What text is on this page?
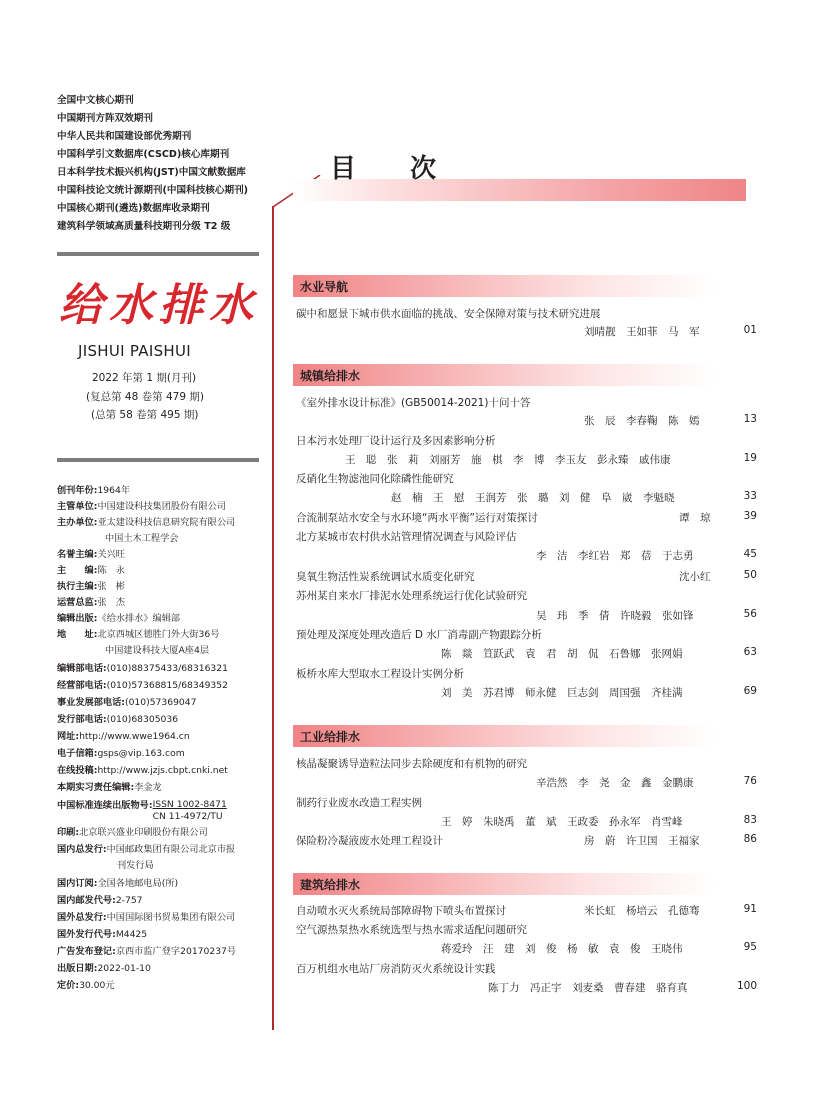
全国中文核心期刊
中国期刊方阵双效期刊
中华人民共和国建设部优秀期刊
中国科学引文数据库(CSCD)核心库期刊
日本科学技术振兴机构(JST)中国文献数据库
中国科技论文统计源期刊(中国科技核心期刊)
中国核心期刊(遴选)数据库收录期刊
建筑科学领域高质量科技期刊分级 T2 级
给水排水
JISHUI PAISHUI
2022 年第 1 期(月刊)
(复总第 48 卷第 479 期)
(总第 58 卷第 495 期)
创刊年份:1964年
主管单位:中国建设科技集团股份有限公司
主办单位:亚太建设科技信息研究院有限公司
中国土木工程学会
名誉主编:关兴旺
主　　编:陈　永
执行主编:张　彬
运营总监:张　杰
编辑出版:《给水排水》编辑部
地　　址:北京西城区德胜门外大街36号
中国建设科技大厦A座4层
编辑部电话:(010)88375433/68316321
经营部电话:(010)57368815/68349352
事业发展部电话:(010)57369047
发行部电话:(010)68305036
网址:http://www.wwe1964.cn
电子信箱:gsps@vip.163.com
在线投稿:http://www.jzjs.cbpt.cnki.net
本期实习责任编辑:李金龙
中国标准连续出版物号:ISSN 1002-8471
CN 11-4972/TU
印刷:北京联兴盛业印刷股份有限公司
国内总发行:中国邮政集团有限公司北京市报
刊发行局
国内订阅:全国各地邮电局(所)
国内邮发代号:2-757
国外总发行:中国国际图书贸易集团有限公司
国外发行代号:M4425
广告发布登记:京西市监广登字20170237号
出版日期:2022-01-10
定价:30.00元
目　次
水业导航
碳中和愿景下城市供水面临的挑战、安全保障对策与技术研究进展
刘晴靓　王如菲　马　军	01
城镇给排水
《室外排水设计标准》(GB50014-2021)十问十答
张　辰　李春鞠　陈　嫣	13
日本污水处理厂设计运行及多因素影响分析
王　聪　张　莉　刘丽芳　施　棋　李　博　李玉友　彭永臻　戚伟康	19
反硝化生物滤池同化除磷性能研究
赵　楠　王　慰　王润芳　张　璐　刘　健　阜　崴　李魁晓	33
合流制泵站水安全与水环境“两水平衡”运行对策探讨	谭　琼	39
北方某城市农村供水站管理情况调查与风险评估
李　洁　李红岩　郑　蓓　于志勇	45
臭氧生物活性炭系统调试水质变化研究	沈小红	50
苏州某自来水厂排泥水处理系统运行优化试验研究
吴　玮　季　倩　许晓毅　张如锋	56
预处理及深度处理改造后 D 水厂消毒副产物跟踪分析
陈　燚　笪跃武　袁　君　胡　侃　石鲁娜　张网娟	63
板桥水库大型取水工程设计实例分析
刘　美　苏君博　师永健　巨志剑　周国强　齐桂满	69
工业给排水
核晶凝聚诱导造粒法同步去除硬度和有机物的研究
辛浩然　李　尧　金　鑫　金鹏康	76
制药行业废水改造工程实例
王　婷　朱晓禹　董　斌　王政委　孙永军　肖雪峰	83
保险粉冷凝液废水处理工程设计	房　蔚　许卫国　王福家	86
建筑给排水
自动喷水灭火系统局部障碍物下喷头布置探讨	米长虹　杨培云　孔德骞	91
空气源热泵热水系统选型与热水需求适配问题研究
蒋爱玲　汪　建　刘　俊　杨　敏　袁　俊　王晓伟	95
百万机组水电站厂房消防灭火系统设计实践
陈丁力　冯正宇　刘麦桑　曹春建　骆育真	100
